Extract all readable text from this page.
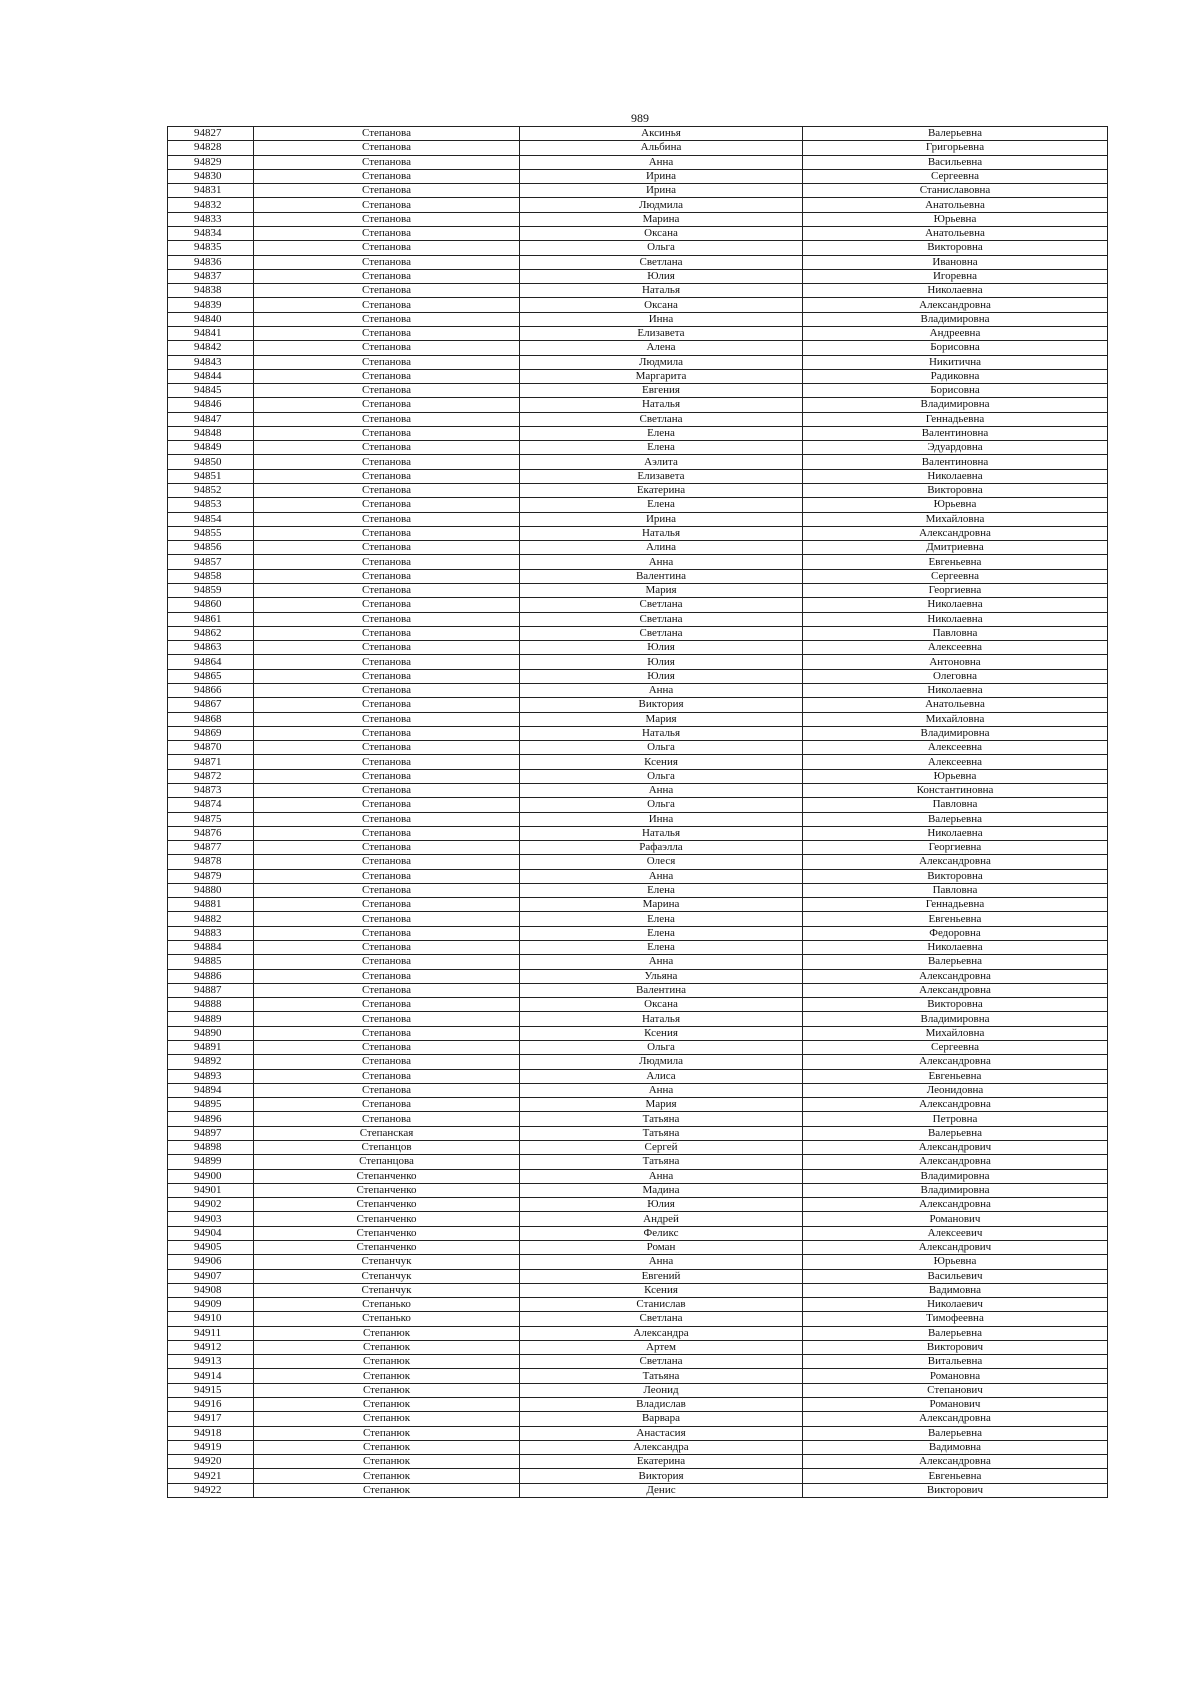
989
94827	Степанова	Аксинья	Валерьевна
94828	Степанова	Альбина	Григорьевна
94829	Степанова	Анна	Васильевна
94830	Степанова	Ирина	Сергеевна
94831	Степанова	Ирина	Станиславовна
94832	Степанова	Людмила	Анатольевна
94833	Степанова	Марина	Юрьевна
94834	Степанова	Оксана	Анатольевна
94835	Степанова	Ольга	Викторовна
94836	Степанова	Светлана	Ивановна
94837	Степанова	Юлия	Игоревна
94838	Степанова	Наталья	Николаевна
94839	Степанова	Оксана	Александровна
94840	Степанова	Инна	Владимировна
94841	Степанова	Елизавета	Андреевна
94842	Степанова	Алена	Борисовна
94843	Степанова	Людмила	Никитична
94844	Степанова	Маргарита	Радиковна
94845	Степанова	Евгения	Борисовна
94846	Степанова	Наталья	Владимировна
94847	Степанова	Светлана	Геннадьевна
94848	Степанова	Елена	Валентиновна
94849	Степанова	Елена	Эдуардовна
94850	Степанова	Аэлита	Валентиновна
94851	Степанова	Елизавета	Николаевна
94852	Степанова	Екатерина	Викторовна
94853	Степанова	Елена	Юрьевна
94854	Степанова	Ирина	Михайловна
94855	Степанова	Наталья	Александровна
94856	Степанова	Алина	Дмитриевна
94857	Степанова	Анна	Евгеньевна
94858	Степанова	Валентина	Сергеевна
94859	Степанова	Мария	Георгиевна
94860	Степанова	Светлана	Николаевна
94861	Степанова	Светлана	Николаевна
94862	Степанова	Светлана	Павловна
94863	Степанова	Юлия	Алексеевна
94864	Степанова	Юлия	Антоновна
94865	Степанова	Юлия	Олеговна
94866	Степанова	Анна	Николаевна
94867	Степанова	Виктория	Анатольевна
94868	Степанова	Мария	Михайловна
94869	Степанова	Наталья	Владимировна
94870	Степанова	Ольга	Алексеевна
94871	Степанова	Ксения	Алексеевна
94872	Степанова	Ольга	Юрьевна
94873	Степанова	Анна	Константиновна
94874	Степанова	Ольга	Павловна
94875	Степанова	Инна	Валерьевна
94876	Степанова	Наталья	Николаевна
94877	Степанова	Рафаэлла	Георгиевна
94878	Степанова	Олеся	Александровна
94879	Степанова	Анна	Викторовна
94880	Степанова	Елена	Павловна
94881	Степанова	Марина	Геннадьевна
94882	Степанова	Елена	Евгеньевна
94883	Степанова	Елена	Федоровна
94884	Степанова	Елена	Николаевна
94885	Степанова	Анна	Валерьевна
94886	Степанова	Ульяна	Александровна
94887	Степанова	Валентина	Александровна
94888	Степанова	Оксана	Викторовна
94889	Степанова	Наталья	Владимировна
94890	Степанова	Ксения	Михайловна
94891	Степанова	Ольга	Сергеевна
94892	Степанова	Людмила	Александровна
94893	Степанова	Алиса	Евгеньевна
94894	Степанова	Анна	Леонидовна
94895	Степанова	Мария	Александровна
94896	Степанова	Татьяна	Петровна
94897	Степанская	Татьяна	Валерьевна
94898	Степанцов	Сергей	Александрович
94899	Степанцова	Татьяна	Александровна
94900	Степанченко	Анна	Владимировна
94901	Степанченко	Мадина	Владимировна
94902	Степанченко	Юлия	Александровна
94903	Степанченко	Андрей	Романович
94904	Степанченко	Феликс	Алексеевич
94905	Степанченко	Роман	Александрович
94906	Степанчук	Анна	Юрьевна
94907	Степанчук	Евгений	Васильевич
94908	Степанчук	Ксения	Вадимовна
94909	Степанько	Станислав	Николаевич
94910	Степанько	Светлана	Тимофеевна
94911	Степанюк	Александра	Валерьевна
94912	Степанюк	Артем	Викторович
94913	Степанюк	Светлана	Витальевна
94914	Степанюк	Татьяна	Романовна
94915	Степанюк	Леонид	Степанович
94916	Степанюк	Владислав	Романович
94917	Степанюк	Варвара	Александровна
94918	Степанюк	Анастасия	Валерьевна
94919	Степанюк	Александра	Вадимовна
94920	Степанюк	Екатерина	Александровна
94921	Степанюк	Виктория	Евгеньевна
94922	Степанюк	Денис	Викторович
